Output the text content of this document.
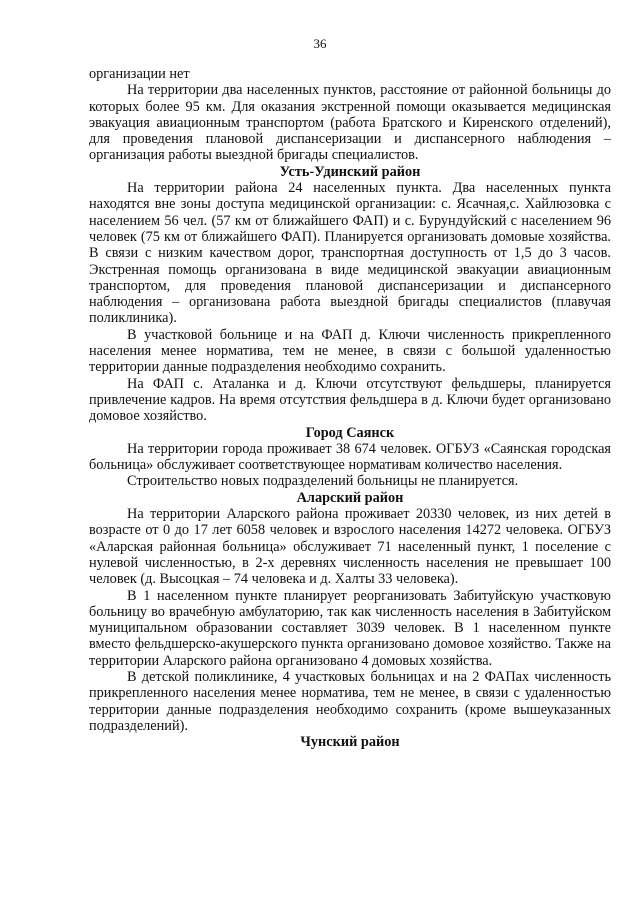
36

организации нет

На территории два населенных пунктов, расстояние от районной больницы до которых более 95 км. Для оказания экстренной помощи оказывается медицинская эвакуация авиационным транспортом (работа Братского и Киренского отделений), для проведения плановой диспансеризации и диспансерного наблюдения – организация работы выездной бригады специалистов.

Усть-Удинский район

На территории района 24 населенных пункта. Два населенных пункта находятся вне зоны доступа медицинской организации: с. Ясачная,с. Хайлюзовка с населением 56 чел. (57 км от ближайшего ФАП) и с. Бурундуйский с населением 96 человек (75 км от ближайшего ФАП). Планируется организовать домовые хозяйства. В связи с низким качеством дорог, транспортная доступность от 1,5 до 3 часов. Экстренная помощь организована в виде медицинской эвакуации авиационным транспортом, для проведения плановой диспансеризации и диспансерного наблюдения – организована работа выездной бригады специалистов (плавучая поликлиника).

В участковой больнице и на ФАП д. Ключи численность прикрепленного населения менее норматива, тем не менее, в связи с большой удаленностью территории данные подразделения необходимо сохранить.

На ФАП с. Аталанка и д. Ключи отсутствуют фельдшеры, планируется привлечение кадров. На время отсутствия фельдшера в д. Ключи будет организовано домовое хозяйство.

Город Саянск

На территории города проживает 38 674 человек. ОГБУЗ «Саянская городская больница» обслуживает соответствующее нормативам количество населения.

Строительство новых подразделений больницы не планируется.

Аларский район

На территории Аларского района проживает 20330 человек, из них детей в возрасте от 0 до 17 лет 6058 человек и взрослого населения 14272 человека. ОГБУЗ «Аларская районная больница» обслуживает 71 населенный пункт, 1 поселение с нулевой численностью, в 2-х деревнях численность населения не превышает 100 человек (д. Высоцкая – 74 человека и д. Халты 33 человека).

В 1 населенном пункте планирует реорганизовать Забитуйскую участковую больницу во врачебную амбулаторию, так как численность населения в Забитуйском муниципальном образовании составляет 3039 человек. В 1 населенном пункте вместо фельдшерско-акушерского пункта организовано домовое хозяйство. Также на территории Аларского района организовано 4 домовых хозяйства.

В детской поликлинике, 4 участковых больницах и на 2 ФАПах численность прикрепленного населения менее норматива, тем не менее, в связи с удаленностью территории данные подразделения необходимо сохранить (кроме вышеуказанных подразделений).

Чунский район
